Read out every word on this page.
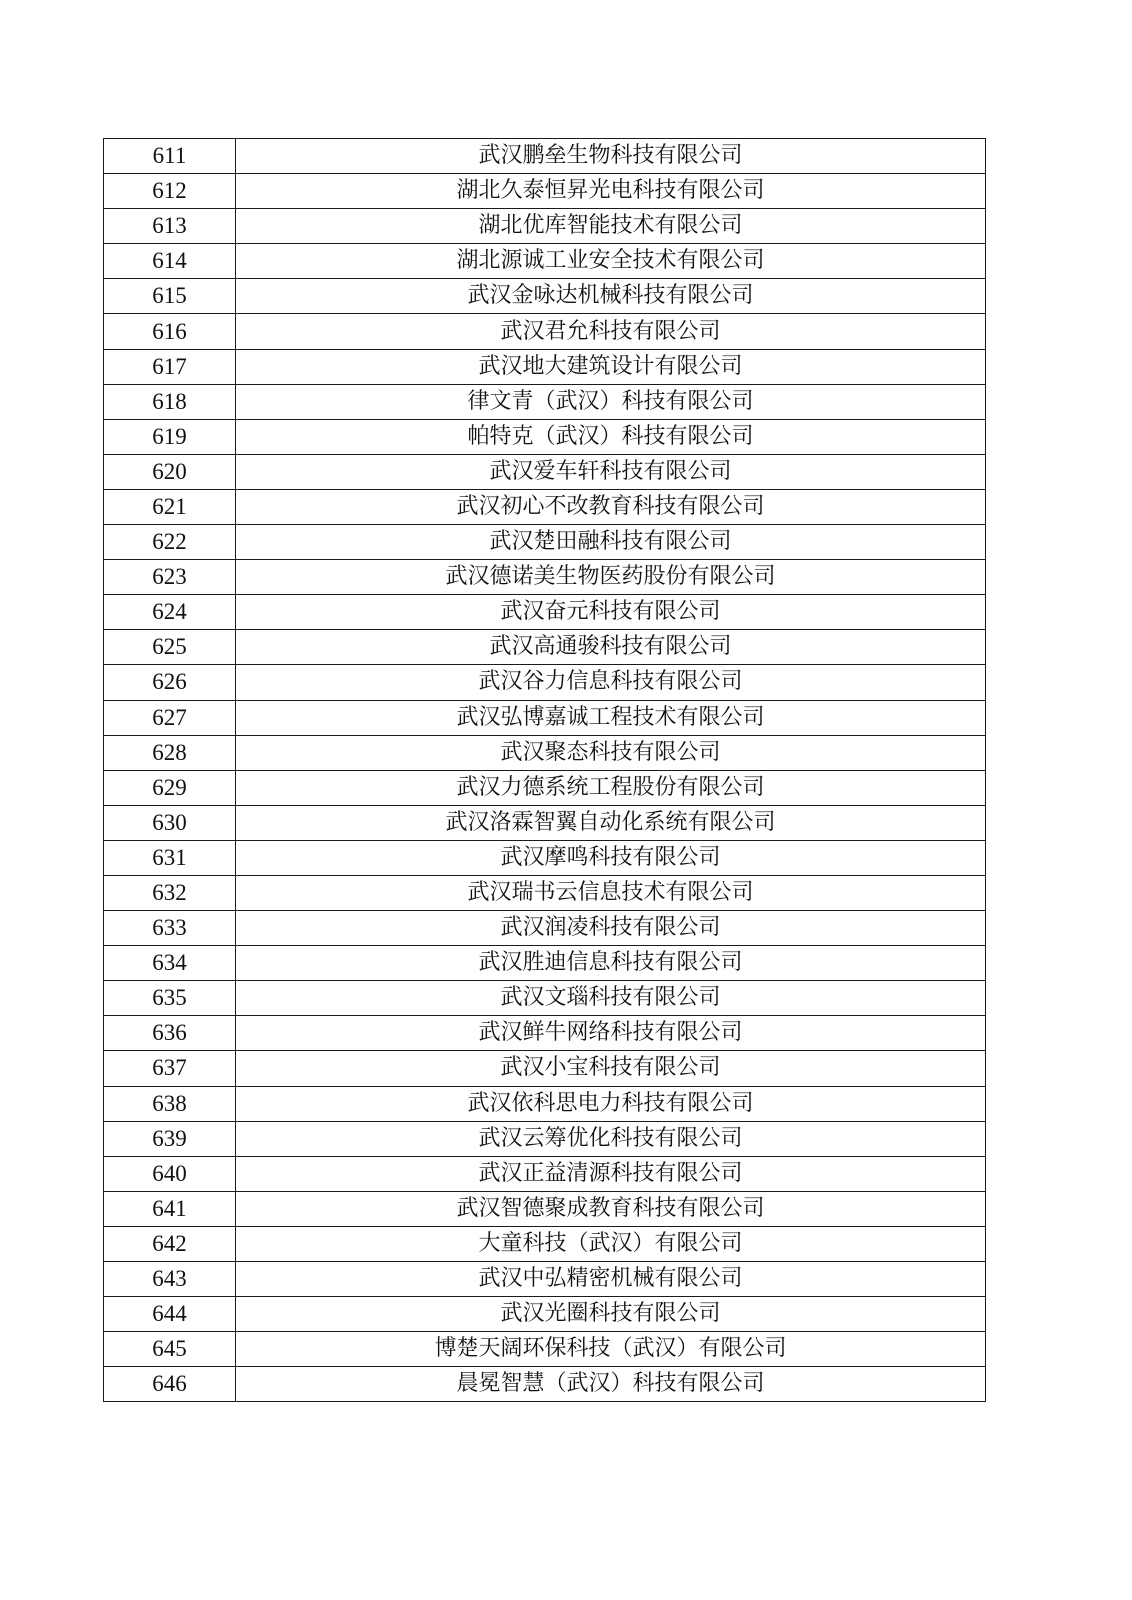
611	武汉鹏垒生物科技有限公司
612	湖北久泰恒昇光电科技有限公司
613	湖北优库智能技术有限公司
614	湖北源诚工业安全技术有限公司
615	武汉金咏达机械科技有限公司
616	武汉君允科技有限公司
617	武汉地大建筑设计有限公司
618	律文青（武汉）科技有限公司
619	帕特克（武汉）科技有限公司
620	武汉爱车轩科技有限公司
621	武汉初心不改教育科技有限公司
622	武汉楚田融科技有限公司
623	武汉德诺美生物医药股份有限公司
624	武汉奋元科技有限公司
625	武汉高通骏科技有限公司
626	武汉谷力信息科技有限公司
627	武汉弘博嘉诚工程技术有限公司
628	武汉聚态科技有限公司
629	武汉力德系统工程股份有限公司
630	武汉洛霖智翼自动化系统有限公司
631	武汉摩鸣科技有限公司
632	武汉瑞书云信息技术有限公司
633	武汉润凌科技有限公司
634	武汉胜迪信息科技有限公司
635	武汉文瑙科技有限公司
636	武汉鲜牛网络科技有限公司
637	武汉小宝科技有限公司
638	武汉依科思电力科技有限公司
639	武汉云筹优化科技有限公司
640	武汉正益清源科技有限公司
641	武汉智德聚成教育科技有限公司
642	大童科技（武汉）有限公司
643	武汉中弘精密机械有限公司
644	武汉光圈科技有限公司
645	博楚天阔环保科技（武汉）有限公司
646	晨冕智慧（武汉）科技有限公司
